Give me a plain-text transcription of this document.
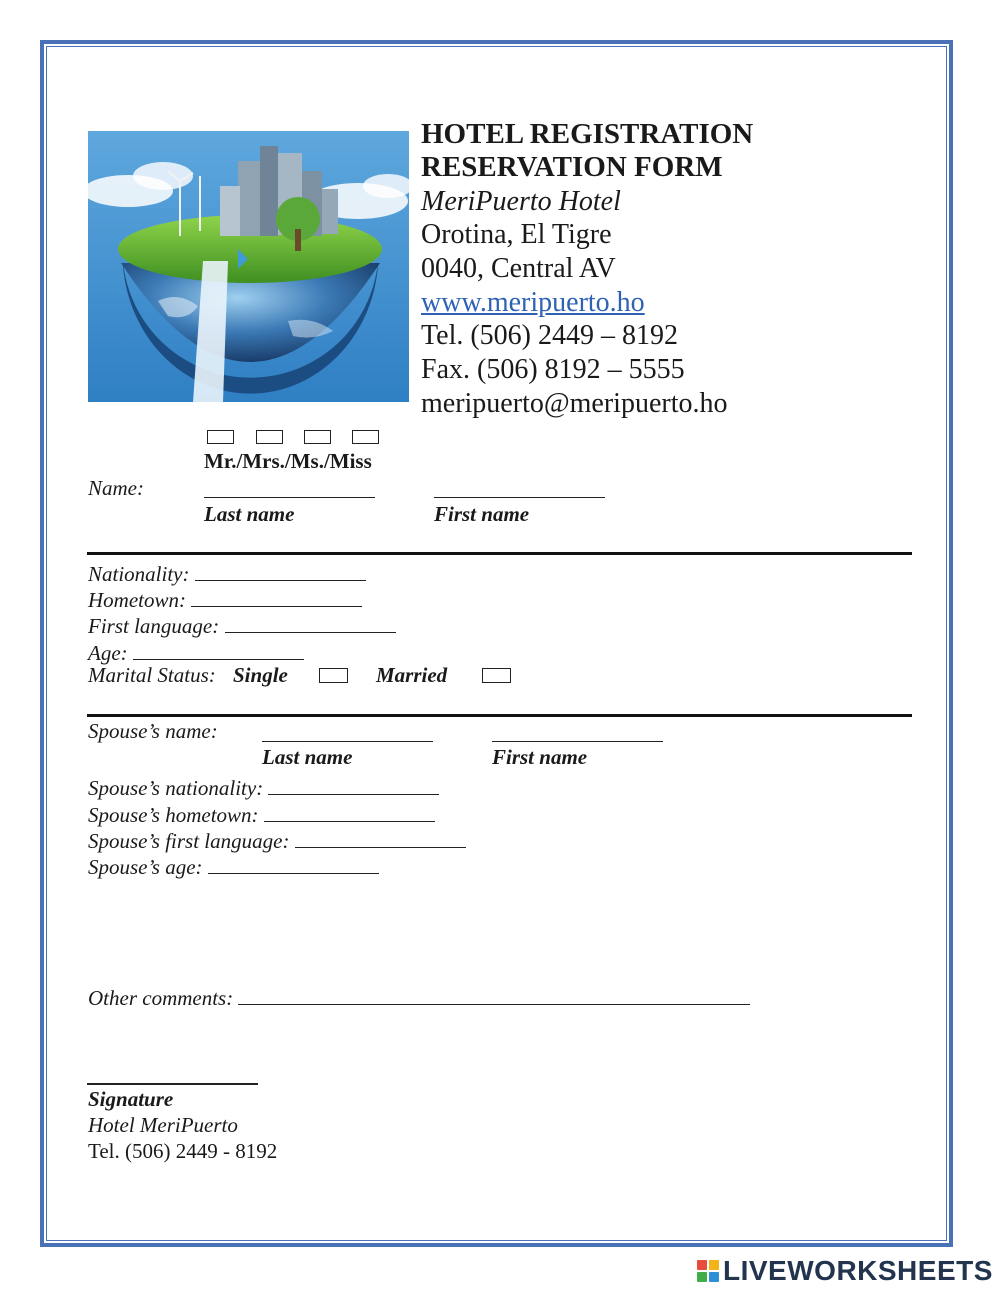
HOTEL REGISTRATION
RESERVATION FORM
MeriPuerto Hotel
Orotina, El Tigre
0040, Central AV
www.meripuerto.ho
Tel. (506) 2449 – 8192
Fax. (506) 8192 – 5555
meripuerto@meripuerto.ho
Mr./Mrs./Ms./Miss
Name:
Last name	First name
Nationality:
Hometown:
First language:
Age:
Marital Status: Single	Married
Spouse’s name:
Last name	First name
Spouse’s nationality:
Spouse’s hometown:
Spouse’s first language:
Spouse’s age:
Other comments:
Signature
Hotel MeriPuerto
Tel. (506) 2449 - 8192
LIVEWORKSHEETS
